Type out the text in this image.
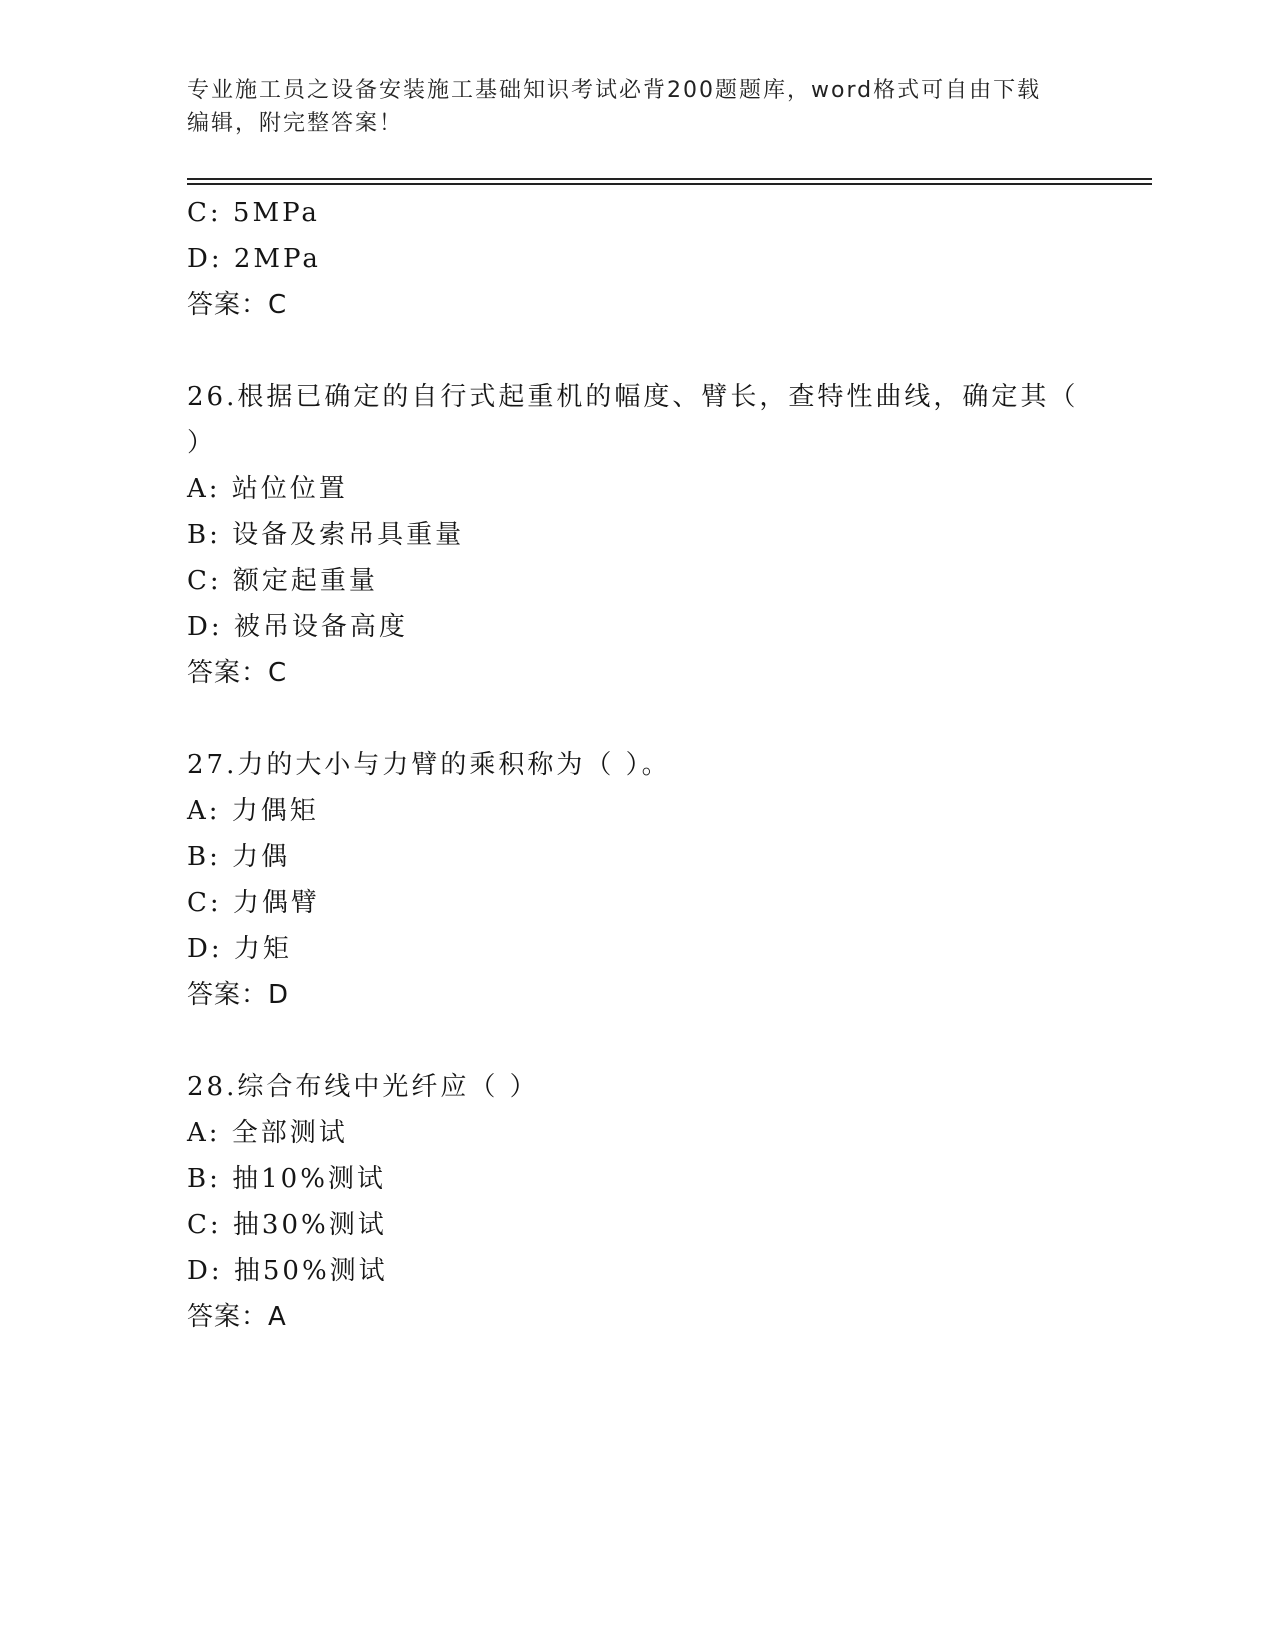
专业施工员之设备安装施工基础知识考试必背200题题库，word格式可自由下载
编辑，附完整答案！
C: 5MPa
D: 2MPa
答案：C
26.根据已确定的自行式起重机的幅度、臂长，查特性曲线，确定其（
）
A: 站位位置
B: 设备及索吊具重量
C: 额定起重量
D: 被吊设备高度
答案：C
27.力的大小与力臂的乘积称为（ ）。
A: 力偶矩
B: 力偶
C: 力偶臂
D: 力矩
答案：D
28.综合布线中光纤应（ ）
A: 全部测试
B: 抽10%测试
C: 抽30%测试
D: 抽50%测试
答案：A
